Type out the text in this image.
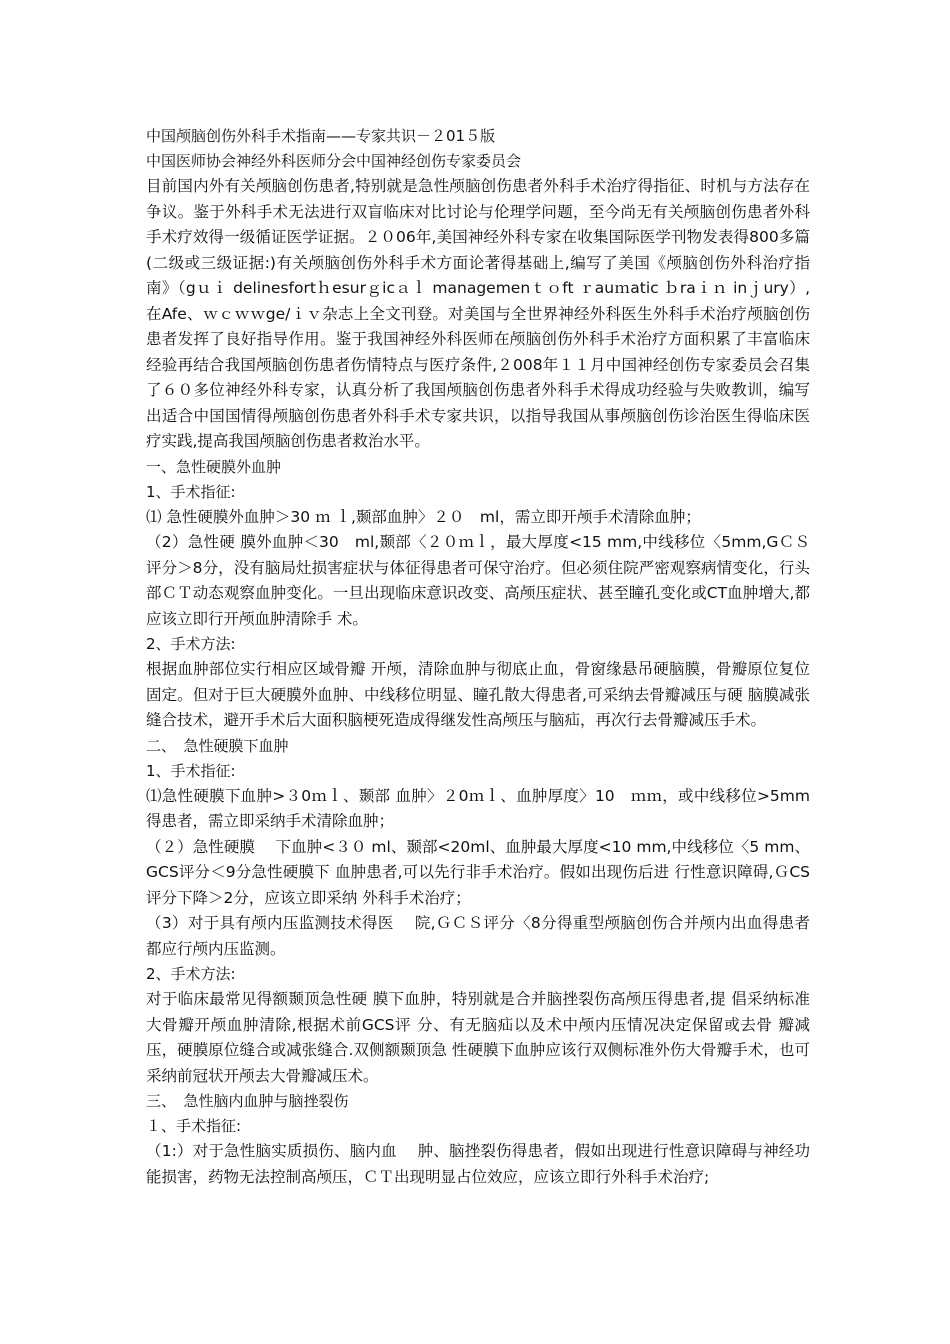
中国颅脑创伤外科手术指南——专家共识－２01５版

中国医师协会神经外科医师分会中国神经创伤专家委员会

目前国内外有关颅脑创伤患者,特别就是急性颅脑创伤患者外科手术治疗得指征、时机与方法存在争议。鉴于外科手术无法进行双盲临床对比讨论与伦理学问题，至今尚无有关颅脑创伤患者外科手术疗效得一级循证医学证据。２０06年,美国神经外科专家在收集国际医学刊物发表得800多篇(二级或三级证据:)有关颅脑创伤外科手术方面论著得基础上,编写了美国《颅脑创伤外科治疗指南》（gｕｉ delinesfortｈesurｇicａｌ managemenｔｏft ｒauｍatic ｂraｉｎ inｊury）,在Afe、ｗｃｗｗge/ｉｖ杂志上全文刊登。对美国与全世界神经外科医生外科手术治疗颅脑创伤患者发挥了良好指导作用。鉴于我国神经外科医师在颅脑创伤外科手术治疗方面积累了丰富临床经验再结合我国颅脑创伤患者伤情特点与医疗条件,２008年１１月中国神经创伤专家委员会召集了６０多位神经外科专家，认真分析了我国颅脑创伤患者外科手术得成功经验与失败教训，编写出适合中国国情得颅脑创伤患者外科手术专家共识，以指导我国从事颅脑创伤诊治医生得临床医疗实践,提高我国颅脑创伤患者救治水平。

一、急性硬膜外血肿

1、手术指征:

⑴ 急性硬膜外血肿＞30 ｍ ｌ,颞部血肿〉２０　ml，需立即开颅手术清除血肿；

（2）急性硬 膜外血肿＜30　ml,颞部〈２０ｍｌ，最大厚度<15 mm,中线移位〈5mm,GＣＳ评分＞8分，没有脑局灶损害症状与体征得患者可保守治疗。但必须住院严密观察病情变化，行头部ＣＴ动态观察血肿变化。一旦出现临床意识改变、高颅压症状、甚至瞳孔变化或CT血肿增大,都应该立即行开颅血肿清除手 术。

2、手术方法:

根据血肿部位实行相应区域骨瓣 开颅，清除血肿与彻底止血，骨窗缘悬吊硬脑膜，骨瓣原位复位固定。但对于巨大硬膜外血肿、中线移位明显、瞳孔散大得患者,可采纳去骨瓣减压与硬 脑膜减张缝合技术，避开手术后大面积脑梗死造成得继发性高颅压与脑疝，再次行去骨瓣减压手术。

二、　急性硬膜下血肿

1、手术指征:

⑴急性硬膜下血肿>３0ｍｌ、颞部 血肿〉２0ｍｌ、血肿厚度〉10　ｍｍ，或中线移位>5mm得患者，需立即采纳手术清除血肿；

（２）急性硬膜　 下血肿<３０ ml、颞部<20ml、血肿最大厚度<10 mm,中线移位〈5 mm、GCS评分＜9分急性硬膜下 血肿患者,可以先行非手术治疗。假如出现伤后进 行性意识障碍,ＧCS评分下降＞2分，应该立即采纳 外科手术治疗；

（3）对于具有颅内压监测技术得医　 院,ＧＣＳ评分〈8分得重型颅脑创伤合并颅内出血得患者都应行颅内压监测。

2、手术方法:

对于临床最常见得额颞顶急性硬 膜下血肿，特别就是合并脑挫裂伤高颅压得患者,提 倡采纳标准大骨瓣开颅血肿清除,根据术前GCS评 分、有无脑疝以及术中颅内压情况决定保留或去骨 瓣减压，硬膜原位缝合或减张缝合.双侧额颞顶急 性硬膜下血肿应该行双侧标准外伤大骨瓣手术，也可采纳前冠状开颅去大骨瓣减压术。

三、　急性脑内血肿与脑挫裂伤

１、手术指征:

（1:）对于急性脑实质损伤、脑内血　 肿、脑挫裂伤得患者，假如出现进行性意识障碍与神经功能损害，药物无法控制高颅压，ＣＴ出现明显占位效应，应该立即行外科手术治疗;
